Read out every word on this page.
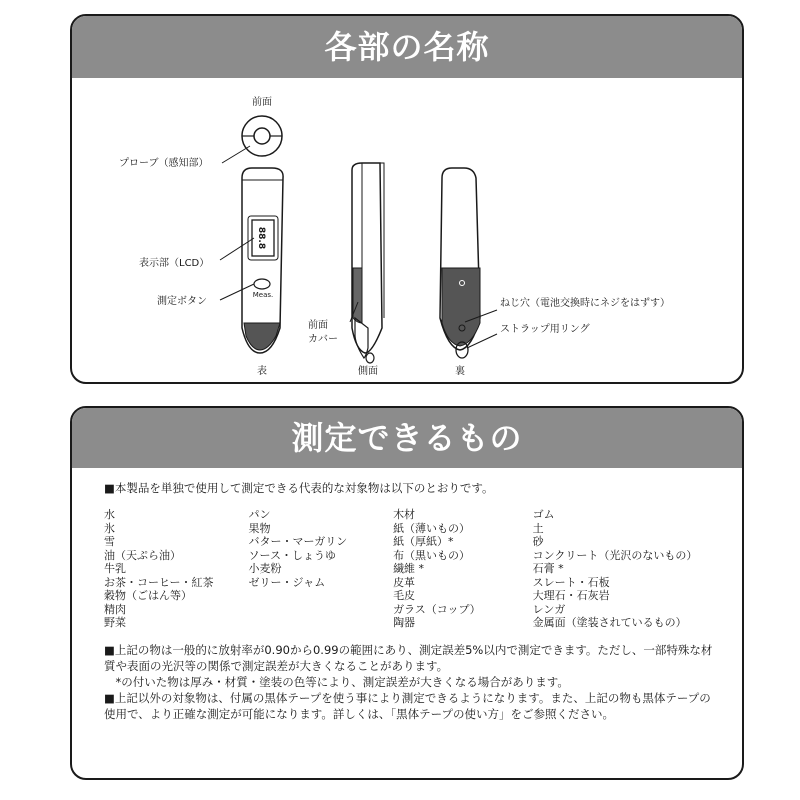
各部の名称
前面
88.8
Meas.
プローブ（感知部）
表示部（LCD）
測定ボタン
前面
カバー
ねじ穴（電池交換時にネジをはずす）
ストラップ用リング
表	側面	裏
測定できるもの

■本製品を単独で使用して測定できる代表的な対象物は以下のとおりです。

水
氷
雪
油（天ぷら油）
牛乳
お茶・コーヒー・紅茶
穀物（ごはん等）
精肉
野菜
パン
果物
バター・マーガリン
ソース・しょうゆ
小麦粉
ゼリー・ジャム
木材
紙（薄いもの）
紙（厚紙）*
布（黒いもの）
繊維 *
皮革
毛皮
ガラス（コップ）
陶器
ゴム
土
砂
コンクリート（光沢のないもの）
石膏 *
スレート・石板
大理石・石灰岩
レンガ
金属面（塗装されているもの）

■上記の物は一般的に放射率が0.90から0.99の範囲にあり、測定誤差5%以内で測定できます。ただし、一部特殊な材質や表面の光沢等の関係で測定誤差が大きくなることがあります。

　*の付いた物は厚み・材質・塗装の色等により、測定誤差が大きくなる場合があります。

■上記以外の対象物は、付属の黒体テープを使う事により測定できるようになります。また、上記の物も黒体テープの使用で、より正確な測定が可能になります。詳しくは、「黒体テープの使い方」をご参照ください。
